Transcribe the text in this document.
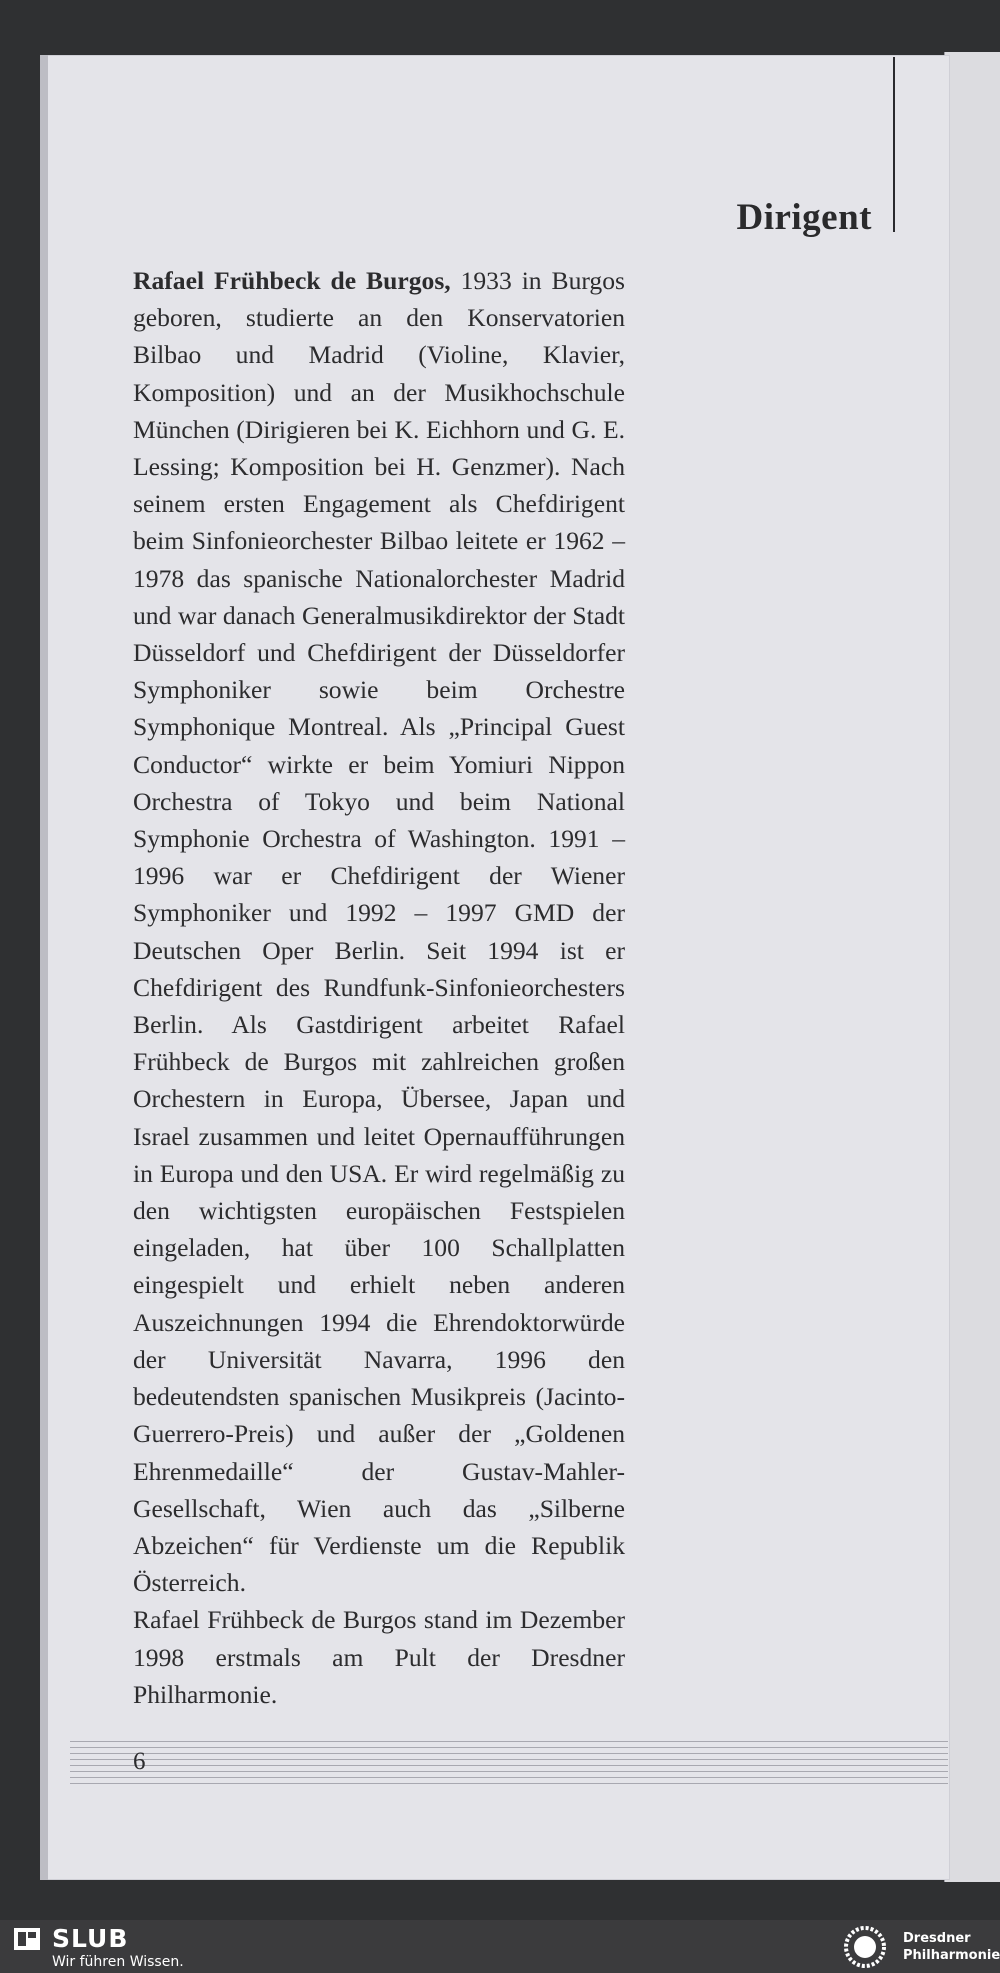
Dirigent

Rafael Frühbeck de Burgos, 1933 in Burgos geboren, studierte an den Konservatorien Bilbao und Madrid (Violine, Klavier, Komposition) und an der Musikhochschule München (Dirigieren bei K. Eichhorn und G. E. Lessing; Komposition bei H. Genzmer). Nach seinem ersten Engagement als Chefdirigent beim Sinfonieorchester Bilbao leitete er 1962 – 1978 das spanische Nationalorchester Madrid und war danach Generalmusikdirektor der Stadt Düsseldorf und Chefdirigent der Düsseldorfer Symphoniker sowie beim Orchestre Symphonique Montreal. Als „Principal Guest Conductor“ wirkte er beim Yomiuri Nippon Orchestra of Tokyo und beim National Symphonie Orchestra of Washington. 1991 – 1996 war er Chefdirigent der Wiener Symphoniker und 1992 – 1997 GMD der Deutschen Oper Berlin. Seit 1994 ist er Chefdirigent des Rundfunk-Sinfonieorchesters Berlin. Als Gastdirigent arbeitet Rafael Frühbeck de Burgos mit zahlreichen großen Orchestern in Europa, Übersee, Japan und Israel zusammen und leitet Opernaufführungen in Europa und den USA. Er wird regelmäßig zu den wichtigsten europäischen Festspielen eingeladen, hat über 100 Schallplatten eingespielt und erhielt neben anderen Auszeichnungen 1994 die Ehrendoktorwürde der Universität Navarra, 1996 den bedeutendsten spanischen Musikpreis (Jacinto-Guerrero-Preis) und außer der „Goldenen Ehrenmedaille“ der Gustav-Mahler-Gesellschaft, Wien auch das „Silberne Abzeichen“ für Verdienste um die Republik Österreich.

Rafael Frühbeck de Burgos stand im Dezember 1998 erstmals am Pult der Dresdner Philharmonie.

6
SLUB
Wir führen Wissen.
Dresdner
Philharmonie
